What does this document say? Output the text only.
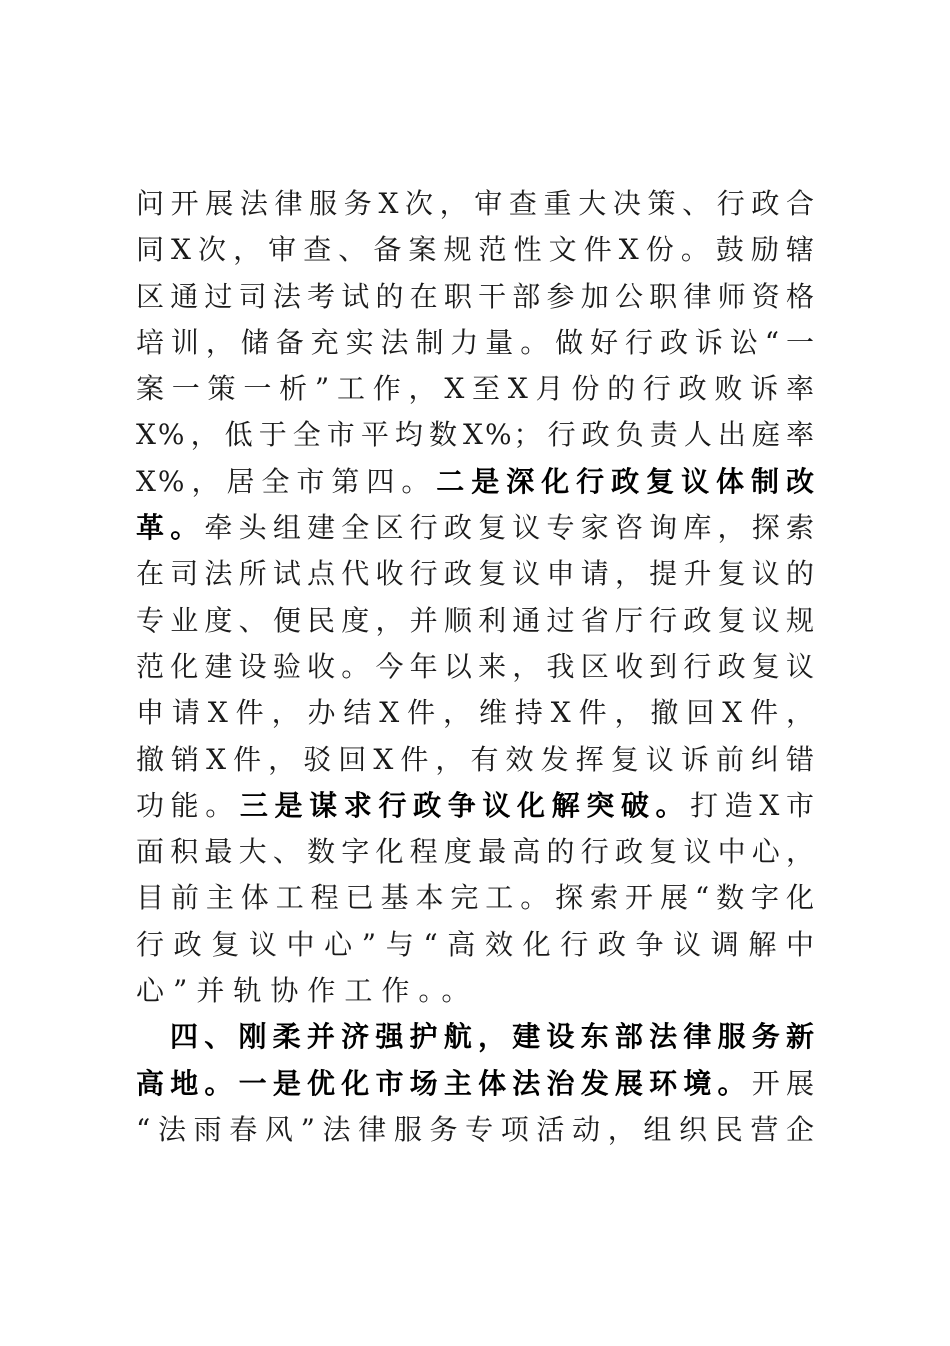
问开展法律服务X次，审查重大决策、行政合
同X次，审查、备案规范性文件X份。鼓励辖
区通过司法考试的在职干部参加公职律师资格
培训，储备充实法制力量。做好行政诉讼“一
案一策一析”工作，X至X月份的行政败诉率
X%，低于全市平均数X%；行政负责人出庭率
X%，居全市第四。二是深化行政复议体制改
革。牵头组建全区行政复议专家咨询库，探索
在司法所试点代收行政复议申请，提升复议的
专业度、便民度，并顺利通过省厅行政复议规
范化建设验收。今年以来，我区收到行政复议
申请X件，办结X件，维持X件，撤回X件，
撤销X件，驳回X件，有效发挥复议诉前纠错
功能。三是谋求行政争议化解突破。打造X市
面积最大、数字化程度最高的行政复议中心，
目前主体工程已基本完工。探索开展“数字化
行政复议中心”与“高效化行政争议调解中
心”并轨协作工作。。
四、刚柔并济强护航，建设东部法律服务新
高地。一是优化市场主体法治发展环境。开展
“法雨春风”法律服务专项活动，组织民营企
